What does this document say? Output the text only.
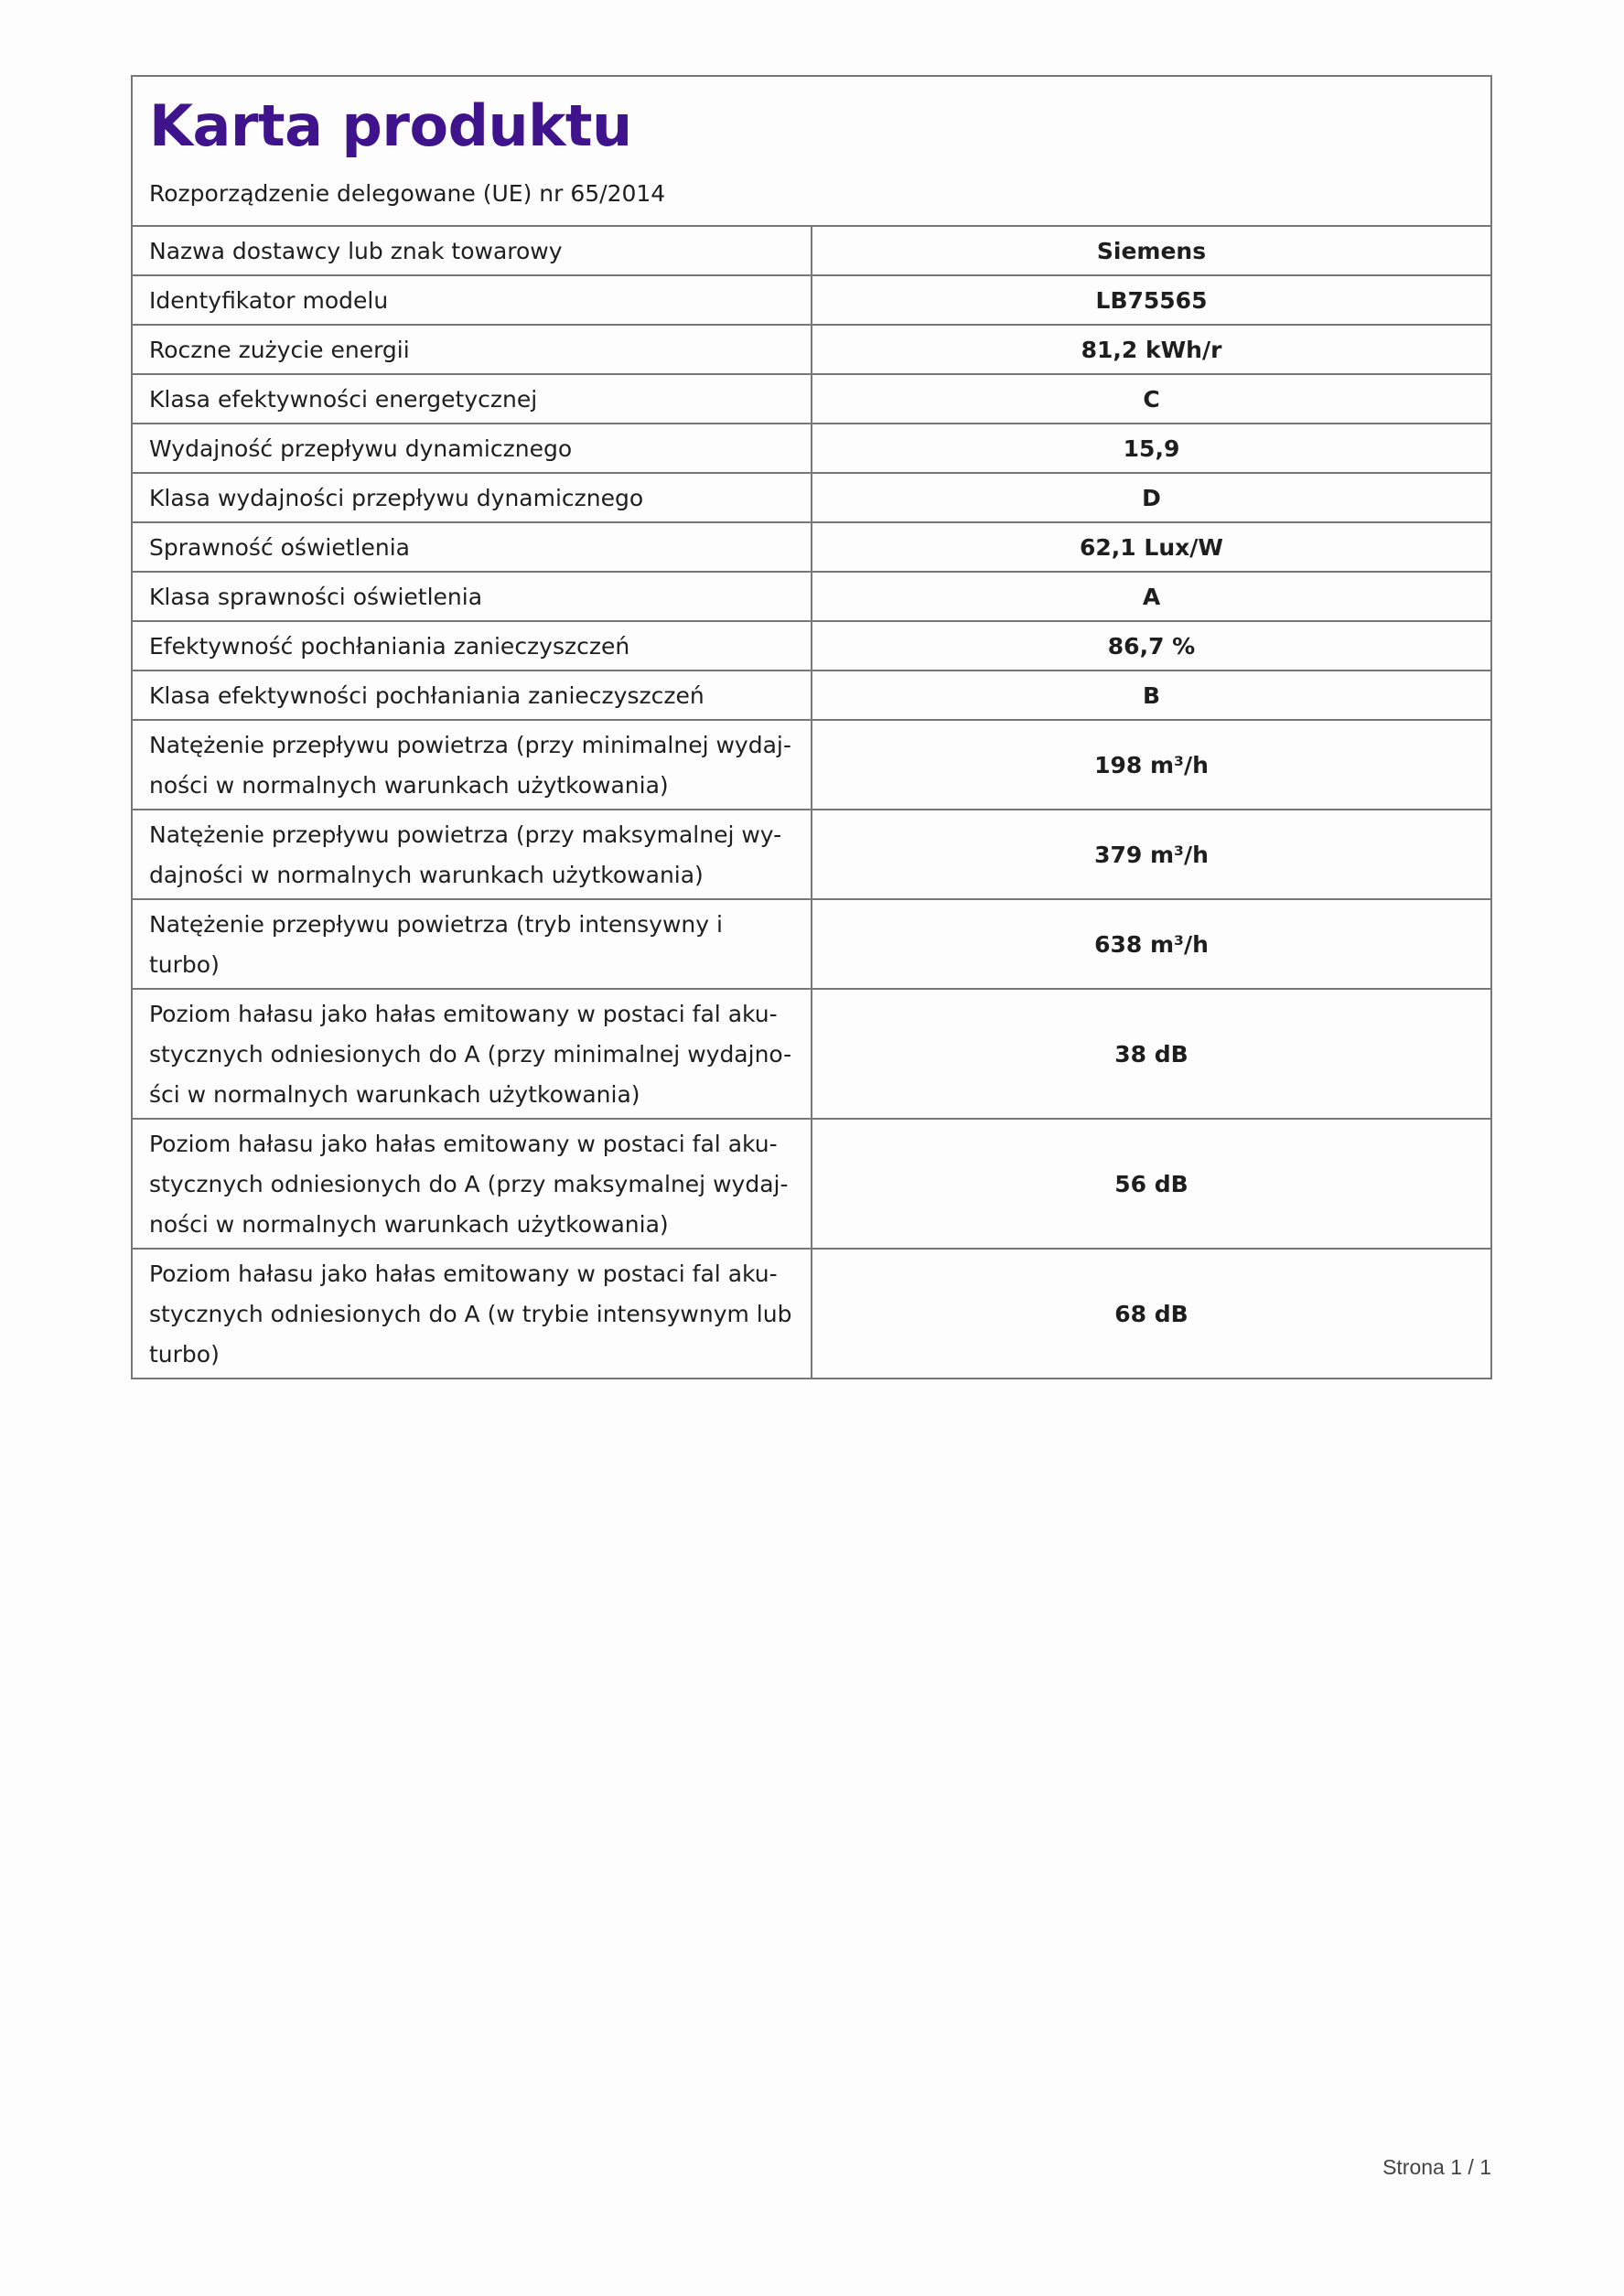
Karta produktu
Rozporządzenie delegowane (UE) nr 65/2014
Nazwa dostawcy lub znak towarowy	Siemens
Identyfikator modelu	LB75565
Roczne zużycie energii	81,2 kWh/r
Klasa efektywności energetycznej	C
Wydajność przepływu dynamicznego	15,9
Klasa wydajności przepływu dynamicznego	D
Sprawność oświetlenia	62,1 Lux/W
Klasa sprawności oświetlenia	A
Efektywność pochłaniania zanieczyszczeń	86,7 %
Klasa efektywności pochłaniania zanieczyszczeń	B
Natężenie przepływu powietrza (przy minimalnej wydaj-ności w normalnych warunkach użytkowania)	198 m³/h
Natężenie przepływu powietrza (przy maksymalnej wy-dajności w normalnych warunkach użytkowania)	379 m³/h
Natężenie przepływu powietrza (tryb intensywny i turbo)	638 m³/h
Poziom hałasu jako hałas emitowany w postaci fal aku-stycznych odniesionych do A (przy minimalnej wydajno-ści w normalnych warunkach użytkowania)	38 dB
Poziom hałasu jako hałas emitowany w postaci fal aku-stycznych odniesionych do A (przy maksymalnej wydaj-ności w normalnych warunkach użytkowania)	56 dB
Poziom hałasu jako hałas emitowany w postaci fal aku-stycznych odniesionych do A (w trybie intensywnym lub turbo)	68 dB
Strona 1 / 1
